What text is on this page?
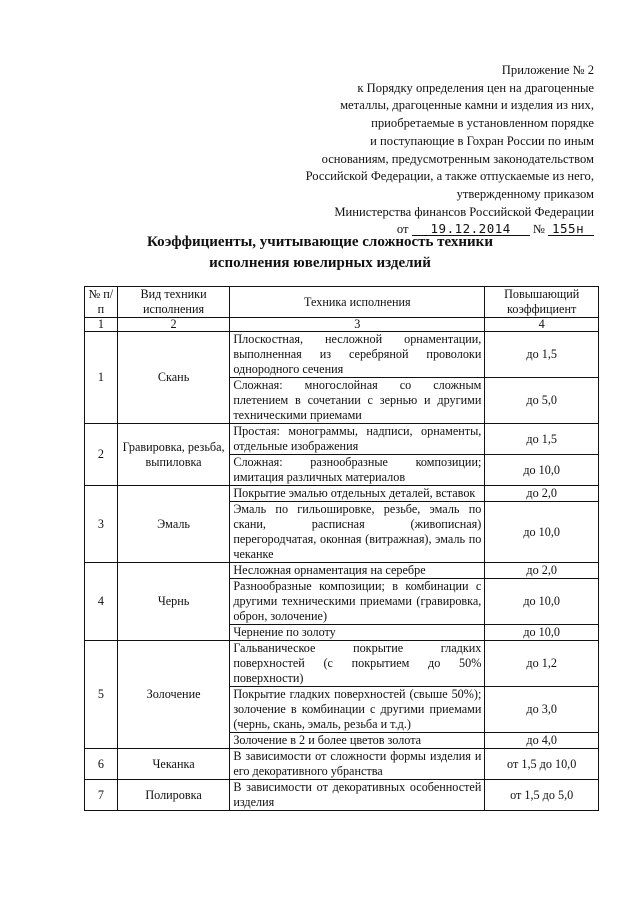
Приложение № 2
к Порядку определения цен на драгоценные
металлы, драгоценные камни и изделия из них,
приобретаемые в установленном порядке
и поступающие в Гохран России по иным
основаниям, предусмотренным законодательством
Российской Федерации, а также отпускаемые из него,
утвержденному приказом
Министерства финансов Российской Федерации
от 19.12.2014 № 155н
Коэффициенты, учитывающие сложность техники
исполнения ювелирных изделий
№ п/п	Вид техники исполнения	Техника исполнения	Повышающий коэффициент
1	2	3	4
1	Скань	Плоскостная, несложной орнаментации, выполненная из серебряной проволоки однородного сечения	до 1,5
		Сложная: многослойная со сложным плетением в сочетании с зернью и другими техническими приемами	до 5,0
2	Гравировка, резьба, выпиловка	Простая: монограммы, надписи, орнаменты, отдельные изображения	до 1,5
		Сложная: разнообразные композиции; имитация различных материалов	до 10,0
3	Эмаль	Покрытие эмалью отдельных деталей, вставок	до 2,0
		Эмаль по гильошировке, резьбе, эмаль по скани, расписная (живописная) перегородчатая, оконная (витражная), эмаль по чеканке	до 10,0
4	Чернь	Несложная орнаментация на серебре	до 2,0
		Разнообразные композиции; в комбинации с другими техническими приемами (гравировка, оброн, золочение)	до 10,0
		Чернение по золоту	до 10,0
5	Золочение	Гальваническое покрытие гладких поверхностей (с покрытием до 50% поверхности)	до 1,2
		Покрытие гладких поверхностей (свыше 50%); золочение в комбинации с другими приемами (чернь, скань, эмаль, резьба и т.д.)	до 3,0
		Золочение в 2 и более цветов золота	до 4,0
6	Чеканка	В зависимости от сложности формы изделия и его декоративного убранства	от 1,5 до 10,0
7	Полировка	В зависимости от декоративных особенностей изделия	от 1,5 до 5,0
